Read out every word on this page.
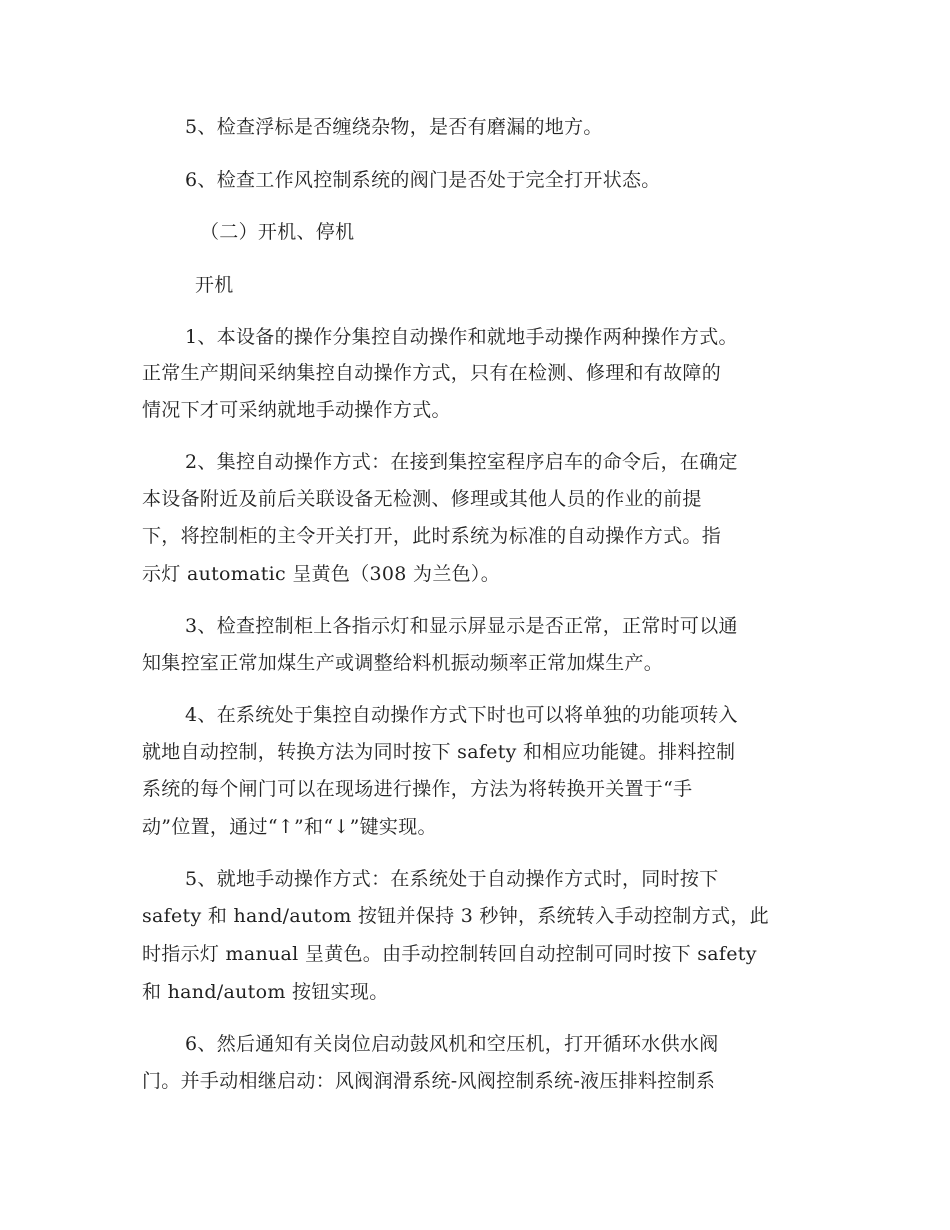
5、检查浮标是否缠绕杂物，是否有磨漏的地方。
6、检查工作风控制系统的阀门是否处于完全打开状态。
（二）开机、停机
开机
1、本设备的操作分集控自动操作和就地手动操作两种操作方式。
正常生产期间采纳集控自动操作方式，只有在检测、修理和有故障的
情况下才可采纳就地手动操作方式。
2、集控自动操作方式：在接到集控室程序启车的命令后，在确定
本设备附近及前后关联设备无检测、修理或其他人员的作业的前提
下，将控制柜的主令开关打开，此时系统为标准的自动操作方式。指
示灯 automatic 呈黄色（308 为兰色）。
3、检查控制柜上各指示灯和显示屏显示是否正常，正常时可以通
知集控室正常加煤生产或调整给料机振动频率正常加煤生产。
4、在系统处于集控自动操作方式下时也可以将单独的功能项转入
就地自动控制，转换方法为同时按下 safety 和相应功能键。排料控制
系统的每个闸门可以在现场进行操作，方法为将转换开关置于“手
动”位置，通过“↑”和“↓”键实现。
5、就地手动操作方式：在系统处于自动操作方式时，同时按下
safety 和 hand/autom 按钮并保持 3 秒钟，系统转入手动控制方式，此
时指示灯 manual 呈黄色。由手动控制转回自动控制可同时按下 safety
和 hand/autom 按钮实现。
6、然后通知有关岗位启动鼓风机和空压机，打开循环水供水阀
门。并手动相继启动：风阀润滑系统-风阀控制系统-液压排料控制系
